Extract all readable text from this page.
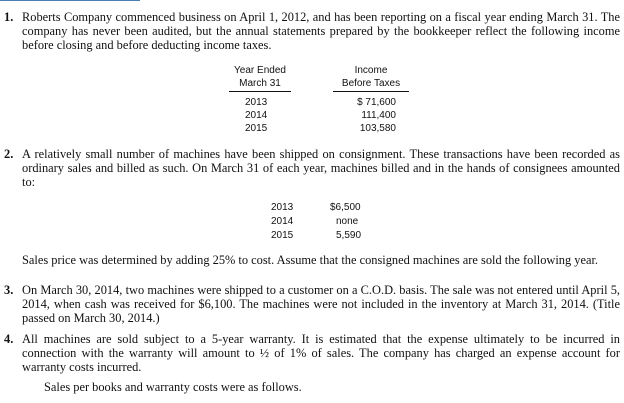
1. Roberts Company commenced business on April 1, 2012, and has been reporting on a fiscal year ending March 31. The company has never been audited, but the annual statements prepared by the bookkeeper reflect the following income before closing and before deducting income taxes.
Year Ended
March 31
Income
Before Taxes
2013
2014
2015
$ 71,600
111,400
103,580
2. A relatively small number of machines have been shipped on consignment. These transactions have been recorded as ordinary sales and billed as such. On March 31 of each year, machines billed and in the hands of consignees amounted to:
2013
2014
2015
$6,500
none
5,590
Sales price was determined by adding 25% to cost. Assume that the consigned machines are sold the following year.
3. On March 30, 2014, two machines were shipped to a customer on a C.O.D. basis. The sale was not entered until April 5, 2014, when cash was received for $6,100. The machines were not included in the inventory at March 31, 2014. (Title passed on March 30, 2014.)
4. All machines are sold subject to a 5-year warranty. It is estimated that the expense ultimately to be incurred in connection with the warranty will amount to ½ of 1% of sales. The company has charged an expense account for warranty costs incurred.
Sales per books and warranty costs were as follows.
